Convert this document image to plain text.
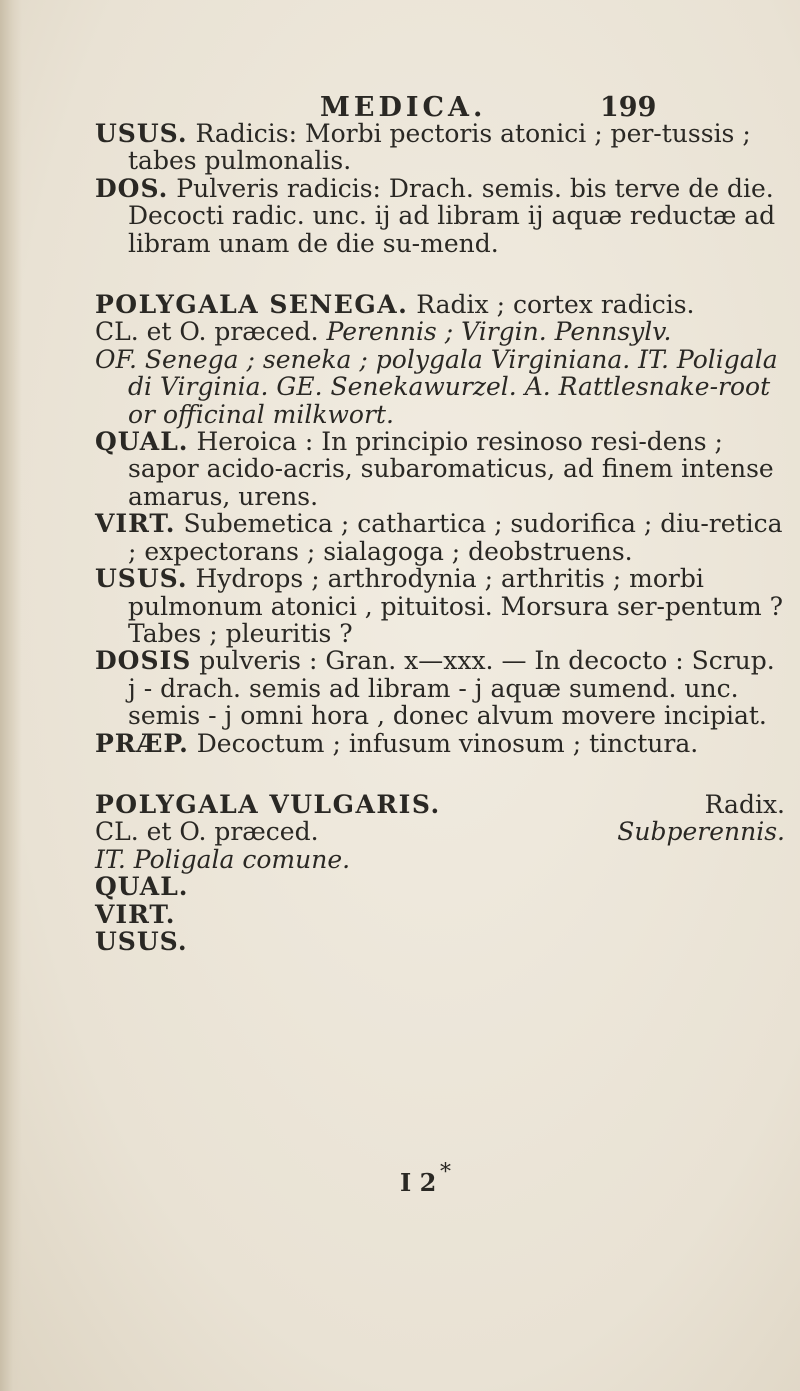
MEDICA.	199

USUS. Radicis: Morbi pectoris atonici ; per-tussis ; tabes pulmonalis.

DOS. Pulveris radicis: Drach. semis. bis terve de die. Decocti radic. unc. ij ad libram ij aquæ reductæ ad libram unam de die su-mend.

POLYGALA SENEGA. Radix ; cortex radicis.

CL. et O. præced. Perennis ; Virgin. Pennsylv.

OF. Senega ; seneka ; polygala Virginiana. IT. Poligala di Virginia. GE. Senekawurzel. A. Rattlesnake-root or officinal milkwort.

QUAL. Heroica : In principio resinoso resi-dens ; sapor acido-acris, subaromaticus, ad finem intense amarus, urens.

VIRT. Subemetica ; cathartica ; sudorifica ; diu-retica ; expectorans ; sialagoga ; deobstruens.

USUS. Hydrops ; arthrodynia ; arthritis ; morbi pulmonum atonici , pituitosi. Morsura ser-pentum ? Tabes ; pleuritis ?

DOSIS pulveris : Gran. x—xxx. — In decocto : Scrup. j - drach. semis ad libram - j aquæ sumend. unc. semis - j omni hora , donec alvum movere incipiat.

PRÆP. Decoctum ; infusum vinosum ; tinctura.

POLYGALA VULGARIS.	Radix.

CL. et O. præced.	Subperennis.

IT. Poligala comune.

QUAL.

VIRT.

USUS.

I 2 *
